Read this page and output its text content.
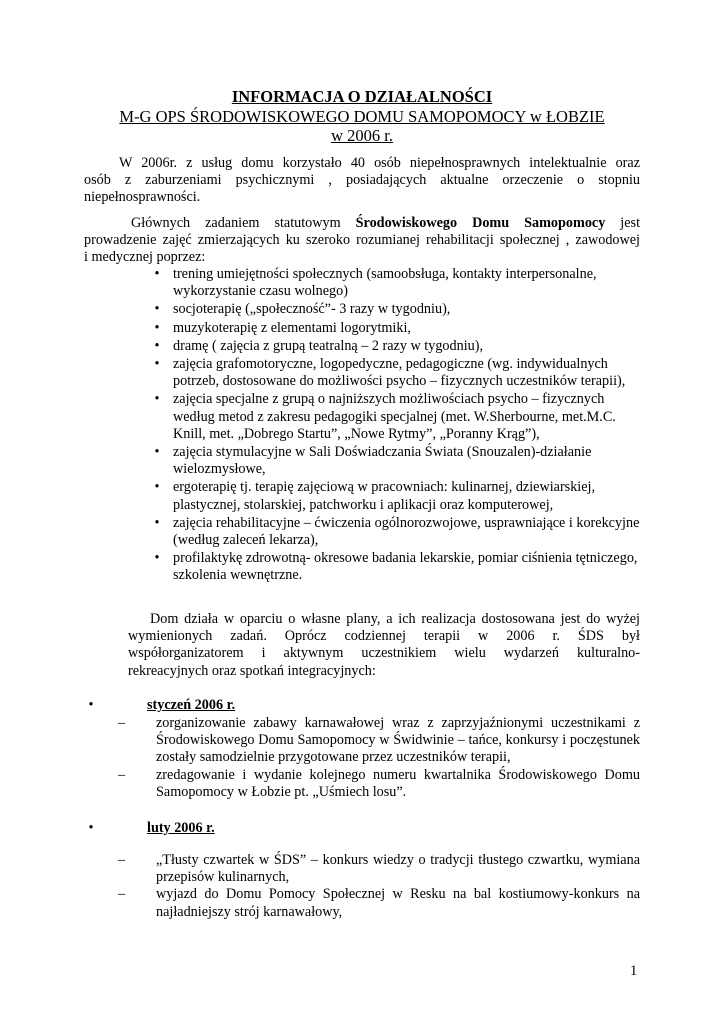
INFORMACJA O DZIAŁALNOŚCI
M-G OPS ŚRODOWISKOWEGO DOMU SAMOPOMOCY w ŁOBZIE
w 2006 r.
W 2006r. z usług domu korzystało 40 osób niepełnosprawnych intelektualnie oraz
osób z zaburzeniami psychicznymi , posiadających aktualne orzeczenie o stopniu
niepełnosprawności.
Głównych zadaniem statutowym Środowiskowego Domu Samopomocy jest
prowadzenie zajęć zmierzających ku szeroko rozumianej rehabilitacji społecznej , zawodowej
i medycznej poprzez:
• trening umiejętności społecznych (samoobsługa, kontakty interpersonalne, wykorzystanie czasu wolnego)
• socjoterapię („społeczność”- 3 razy w tygodniu),
• muzykoterapię z elementami logorytmiki,
• dramę ( zajęcia z grupą teatralną – 2 razy w tygodniu),
• zajęcia grafomotoryczne, logopedyczne, pedagogiczne (wg. indywidualnych potrzeb, dostosowane do możliwości psycho – fizycznych uczestników terapii),
• zajęcia specjalne z grupą o najniższych możliwościach psycho – fizycznych według metod z zakresu pedagogiki specjalnej (met. W.Sherbourne, met.M.C. Knill, met. „Dobrego Startu”, „Nowe Rytmy”, „Poranny Krąg”),
• zajęcia stymulacyjne w Sali Doświadczania Świata (Snouzalen)-działanie wielozmysłowe,
• ergoterapię tj. terapię zajęciową w pracowniach: kulinarnej, dziewiarskiej, plastycznej, stolarskiej, patchworku i aplikacji oraz komputerowej,
• zajęcia rehabilitacyjne – ćwiczenia ogólnorozwojowe, usprawniające i korekcyjne (według zaleceń lekarza),
• profilaktykę zdrowotną- okresowe badania lekarskie, pomiar ciśnienia tętniczego, szkolenia wewnętrzne.
Dom działa w oparciu o własne plany, a ich realizacja dostosowana jest do wyżej
wymienionych zadań. Oprócz codziennej terapii w 2006 r. ŚDS był
współorganizatorem i aktywnym uczestnikiem wielu wydarzeń kulturalno-
rekreacyjnych oraz spotkań integracyjnych:
•	styczeń 2006 r.
– zorganizowanie zabawy karnawałowej wraz z zaprzyjaźnionymi uczestnikami z Środowiskowego Domu Samopomocy w Świdwinie – tańce, konkursy i poczęstunek zostały samodzielnie przygotowane przez uczestników terapii,
– zredagowanie i wydanie kolejnego numeru kwartalnika Środowiskowego Domu Samopomocy w Łobzie pt. „Uśmiech losu”.
•	luty 2006 r.
– „Tłusty czwartek w ŚDS” – konkurs wiedzy o tradycji tłustego czwartku, wymiana przepisów kulinarnych,
– wyjazd do Domu Pomocy Społecznej w Resku na bal kostiumowy-konkurs na najładniejszy strój karnawałowy,
1
